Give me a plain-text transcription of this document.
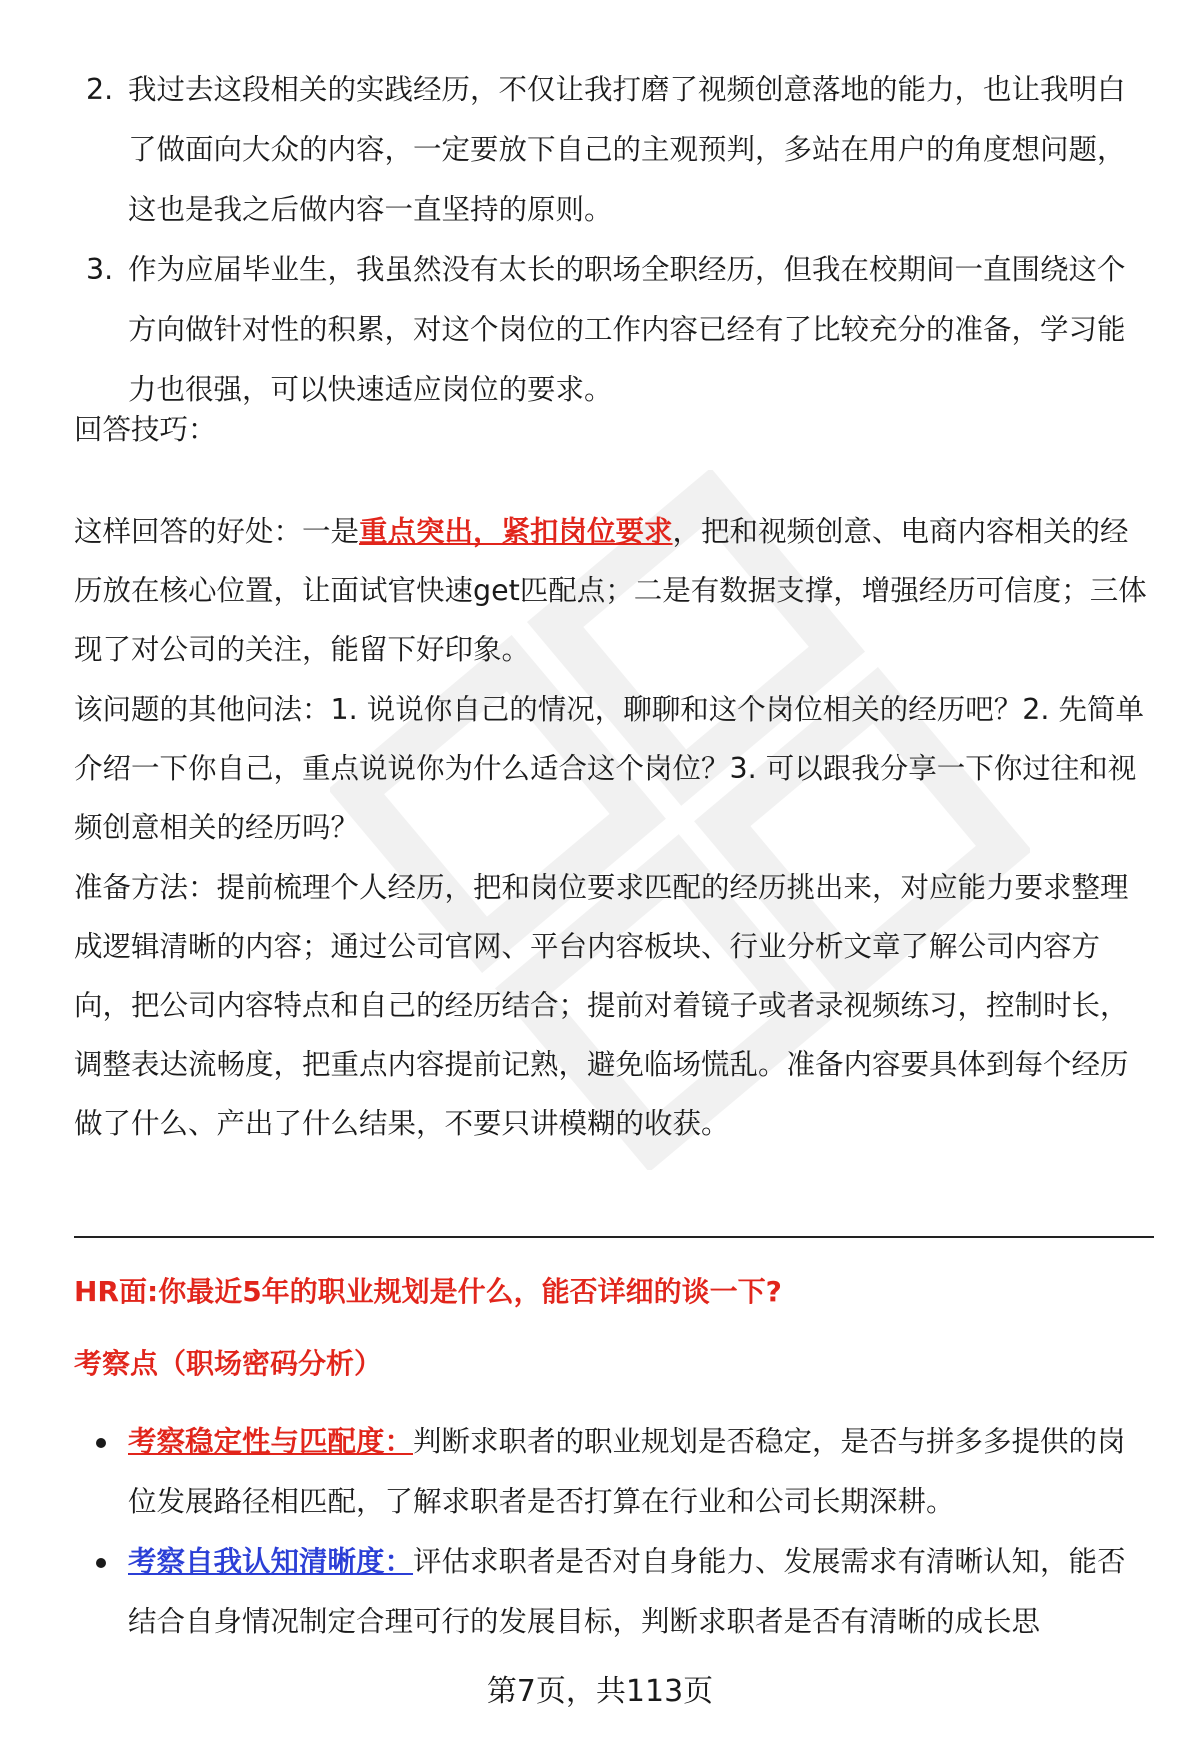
2. 我过去这段相关的实践经历，不仅让我打磨了视频创意落地的能力，也让我明白了做面向大众的内容，一定要放下自己的主观预判，多站在用户的角度想问题，这也是我之后做内容一直坚持的原则。
3. 作为应届毕业生，我虽然没有太长的职场全职经历，但我在校期间一直围绕这个方向做针对性的积累，对这个岗位的工作内容已经有了比较充分的准备，学习能力也很强，可以快速适应岗位的要求。

回答技巧：

这样回答的好处：一是重点突出，紧扣岗位要求，把和视频创意、电商内容相关的经历放在核心位置，让面试官快速get匹配点；二是有数据支撑，增强经历可信度；三体现了对公司的关注，能留下好印象。

该问题的其他问法：1. 说说你自己的情况，聊聊和这个岗位相关的经历吧？2. 先简单介绍一下你自己，重点说说你为什么适合这个岗位？3. 可以跟我分享一下你过往和视频创意相关的经历吗？

准备方法：提前梳理个人经历，把和岗位要求匹配的经历挑出来，对应能力要求整理成逻辑清晰的内容；通过公司官网、平台内容板块、行业分析文章了解公司内容方向，把公司内容特点和自己的经历结合；提前对着镜子或者录视频练习，控制时长，调整表达流畅度，把重点内容提前记熟，避免临场慌乱。准备内容要具体到每个经历做了什么、产出了什么结果，不要只讲模糊的收获。

HR面:你最近5年的职业规划是什么，能否详细的谈一下?
考察点（职场密码分析）
考察稳定性与匹配度：判断求职者的职业规划是否稳定，是否与拼多多提供的岗位发展路径相匹配，了解求职者是否打算在行业和公司长期深耕。
考察自我认知清晰度：评估求职者是否对自身能力、发展需求有清晰认知，能否结合自身情况制定合理可行的发展目标，判断求职者是否有清晰的成长思
第7页，共113页
